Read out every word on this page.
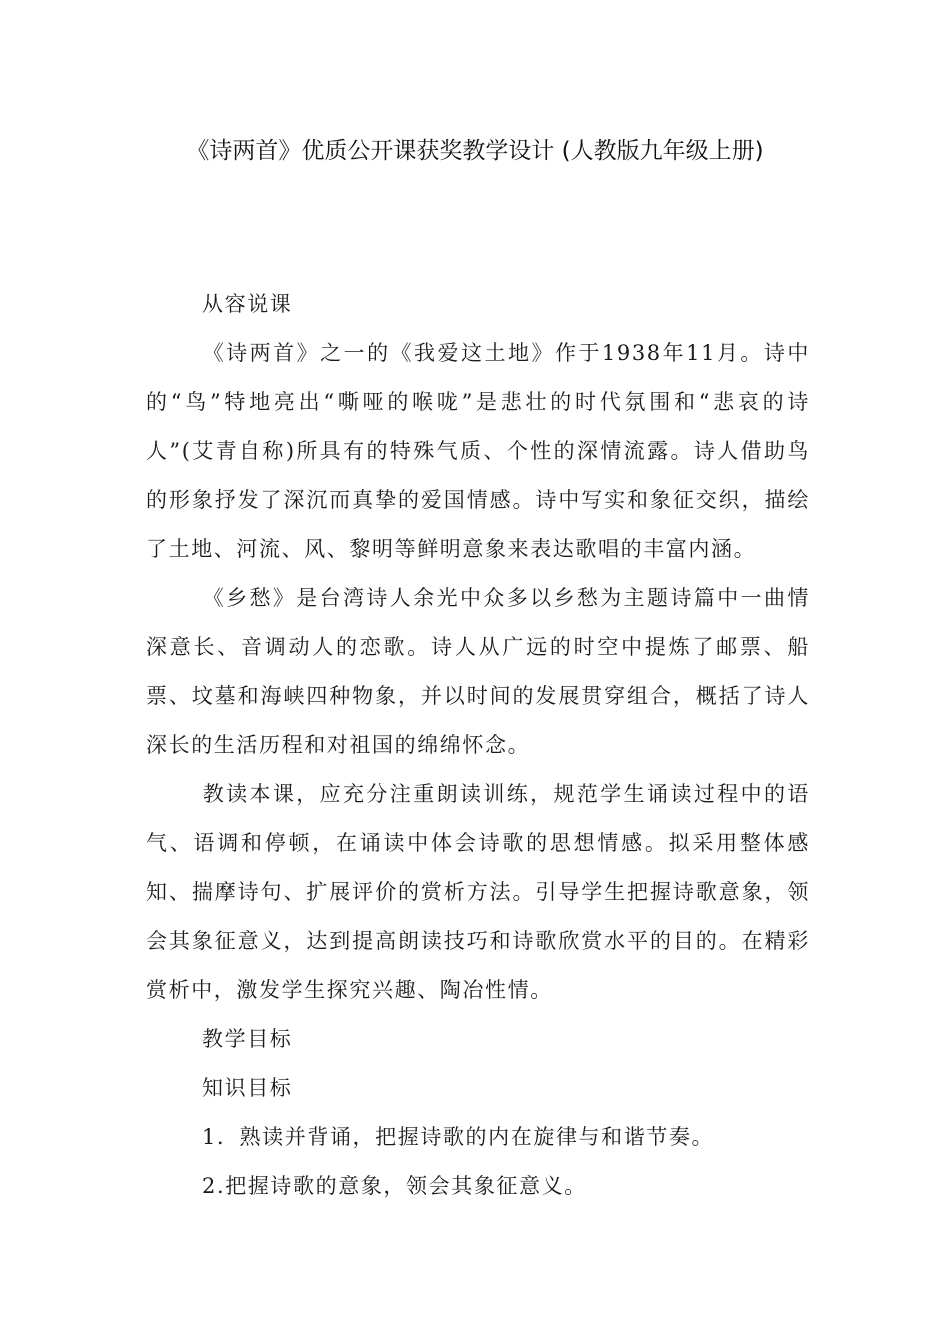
《诗两首》优质公开课获奖教学设计 (人教版九年级上册)

从容说课

《诗两首》之一的《我爱这土地》作于1938年11月。诗中的“鸟”特地亮出“嘶哑的喉咙”是悲壮的时代氛围和“悲哀的诗人”(艾青自称)所具有的特殊气质、个性的深情流露。诗人借助鸟的形象抒发了深沉而真挚的爱国情感。诗中写实和象征交织，描绘了土地、河流、风、黎明等鲜明意象来表达歌唱的丰富内涵。

《乡愁》是台湾诗人余光中众多以乡愁为主题诗篇中一曲情深意长、音调动人的恋歌。诗人从广远的时空中提炼了邮票、船票、坟墓和海峡四种物象，并以时间的发展贯穿组合，概括了诗人深长的生活历程和对祖国的绵绵怀念。

教读本课，应充分注重朗读训练，规范学生诵读过程中的语气、语调和停顿，在诵读中体会诗歌的思想情感。拟采用整体感知、揣摩诗句、扩展评价的赏析方法。引导学生把握诗歌意象，领会其象征意义，达到提高朗读技巧和诗歌欣赏水平的目的。在精彩赏析中，激发学生探究兴趣、陶冶性情。

教学目标

知识目标

1．熟读并背诵，把握诗歌的内在旋律与和谐节奏。

2.把握诗歌的意象，领会其象征意义。
